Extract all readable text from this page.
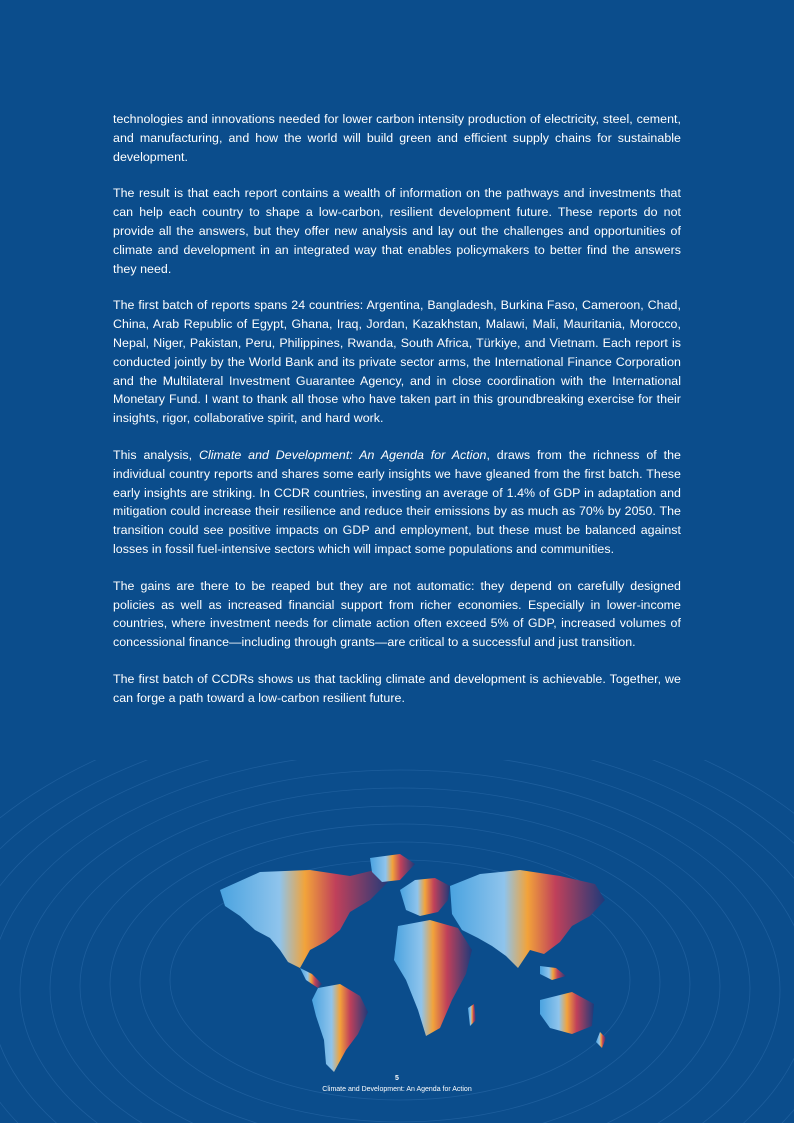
technologies and innovations needed for lower carbon intensity production of electricity, steel, cement, and manufacturing, and how the world will build green and efficient supply chains for sustainable development.

The result is that each report contains a wealth of information on the pathways and investments that can help each country to shape a low-carbon, resilient development future. These reports do not provide all the answers, but they offer new analysis and lay out the challenges and opportunities of climate and development in an integrated way that enables policymakers to better find the answers they need.

The first batch of reports spans 24 countries: Argentina, Bangladesh, Burkina Faso, Cameroon, Chad, China, Arab Republic of Egypt, Ghana, Iraq, Jordan, Kazakhstan, Malawi, Mali, Mauritania, Morocco, Nepal, Niger, Pakistan, Peru, Philippines, Rwanda, South Africa, Türkiye, and Vietnam. Each report is conducted jointly by the World Bank and its private sector arms, the International Finance Corporation and the Multilateral Investment Guarantee Agency, and in close coordination with the International Monetary Fund. I want to thank all those who have taken part in this groundbreaking exercise for their insights, rigor, collaborative spirit, and hard work.

This analysis, Climate and Development: An Agenda for Action, draws from the richness of the individual country reports and shares some early insights we have gleaned from the first batch. These early insights are striking. In CCDR countries, investing an average of 1.4% of GDP in adaptation and mitigation could increase their resilience and reduce their emissions by as much as 70% by 2050. The transition could see positive impacts on GDP and employment, but these must be balanced against losses in fossil fuel-intensive sectors which will impact some populations and communities.

The gains are there to be reaped but they are not automatic: they depend on carefully designed policies as well as increased financial support from richer economies. Especially in lower-income countries, where investment needs for climate action often exceed 5% of GDP, increased volumes of concessional finance—including through grants—are critical to a successful and just transition.

The first batch of CCDRs shows us that tackling climate and development is achievable. Together, we can forge a path toward a low-carbon resilient future.

5
Climate and Development: An Agenda for Action
